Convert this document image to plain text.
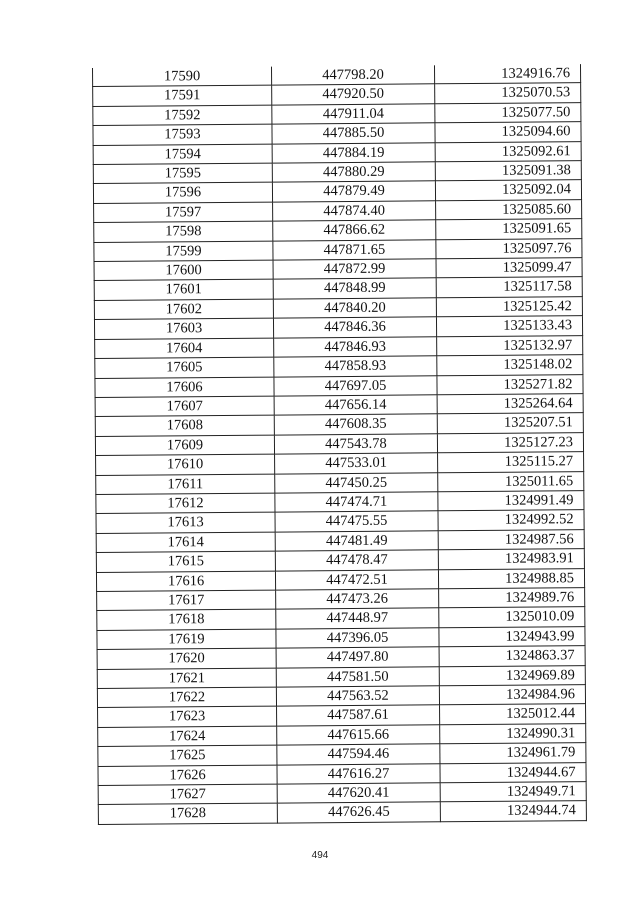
17590	447798.20	1324916.76
17591	447920.50	1325070.53
17592	447911.04	1325077.50
17593	447885.50	1325094.60
17594	447884.19	1325092.61
17595	447880.29	1325091.38
17596	447879.49	1325092.04
17597	447874.40	1325085.60
17598	447866.62	1325091.65
17599	447871.65	1325097.76
17600	447872.99	1325099.47
17601	447848.99	1325117.58
17602	447840.20	1325125.42
17603	447846.36	1325133.43
17604	447846.93	1325132.97
17605	447858.93	1325148.02
17606	447697.05	1325271.82
17607	447656.14	1325264.64
17608	447608.35	1325207.51
17609	447543.78	1325127.23
17610	447533.01	1325115.27
17611	447450.25	1325011.65
17612	447474.71	1324991.49
17613	447475.55	1324992.52
17614	447481.49	1324987.56
17615	447478.47	1324983.91
17616	447472.51	1324988.85
17617	447473.26	1324989.76
17618	447448.97	1325010.09
17619	447396.05	1324943.99
17620	447497.80	1324863.37
17621	447581.50	1324969.89
17622	447563.52	1324984.96
17623	447587.61	1325012.44
17624	447615.66	1324990.31
17625	447594.46	1324961.79
17626	447616.27	1324944.67
17627	447620.41	1324949.71
17628	447626.45	1324944.74
494
